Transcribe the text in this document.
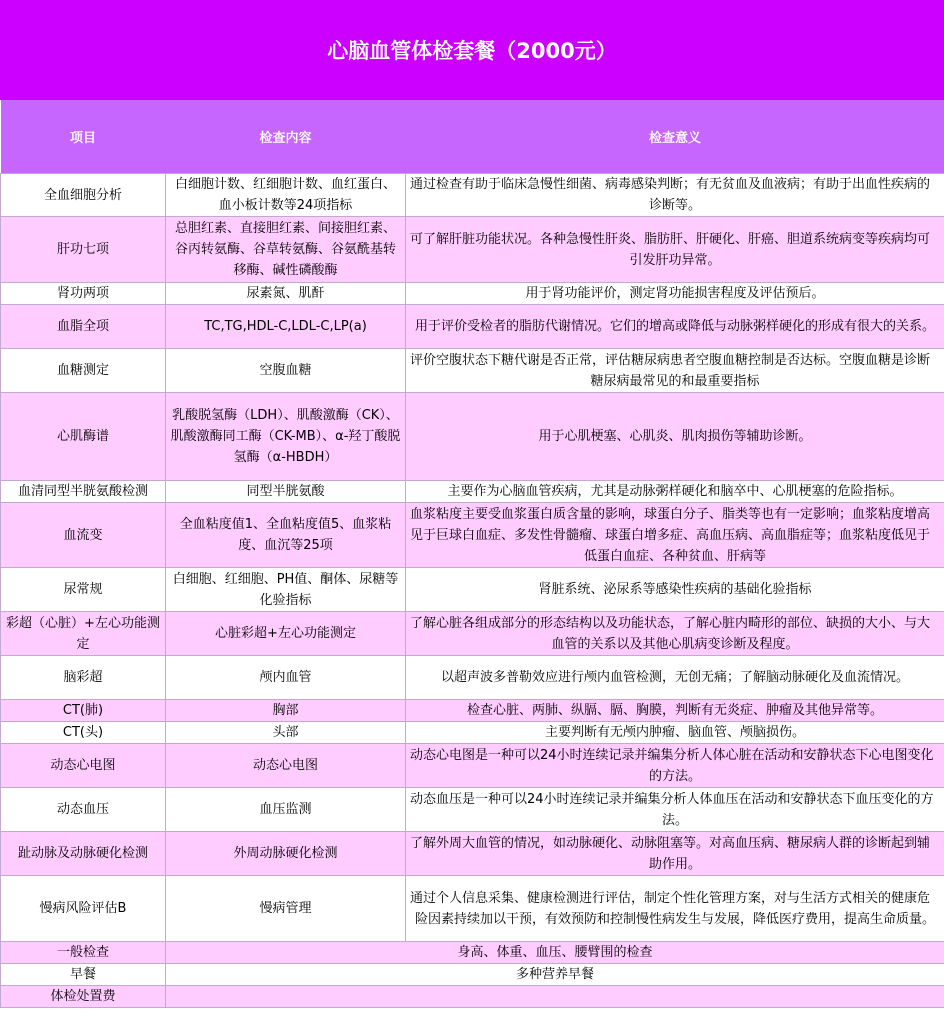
心脑血管体检套餐（2000元）
项目	检查内容	检查意义
全血细胞分析	白细胞计数、红细胞计数、血红蛋白、血小板计数等24项指标	通过检查有助于临床急慢性细菌、病毒感染判断；有无贫血及血液病；有助于出血性疾病的诊断等。
肝功七项	总胆红素、直接胆红素、间接胆红素、谷丙转氨酶、谷草转氨酶、谷氨酰基转移酶、碱性磷酸酶	可了解肝脏功能状况。各种急慢性肝炎、脂肪肝、肝硬化、肝癌、胆道系统病变等疾病均可引发肝功异常。
肾功两项	尿素氮、肌酐	用于肾功能评价，测定肾功能损害程度及评估预后。
血脂全项	TC,TG,HDL-C,LDL-C,LP(a)	用于评价受检者的脂肪代谢情况。它们的增高或降低与动脉粥样硬化的形成有很大的关系。
血糖测定	空腹血糖	评价空腹状态下糖代谢是否正常，评估糖尿病患者空腹血糖控制是否达标。空腹血糖是诊断糖尿病最常见的和最重要指标
心肌酶谱	乳酸脱氢酶（LDH）、肌酸激酶（CK）、肌酸激酶同工酶（CK-MB）、α-羟丁酸脱氢酶（α-HBDH）	用于心肌梗塞、心肌炎、肌肉损伤等辅助诊断。
血清同型半胱氨酸检测	同型半胱氨酸	主要作为心脑血管疾病，尤其是动脉粥样硬化和脑卒中、心肌梗塞的危险指标。
血流变	全血粘度值1、全血粘度值5、血浆粘度、血沉等25项	血浆粘度主要受血浆蛋白质含量的影响，球蛋白分子、脂类等也有一定影响；血浆粘度增高见于巨球白血症、多发性骨髓瘤、球蛋白增多症、高血压病、高血脂症等；血浆粘度低见于低蛋白血症、各种贫血、肝病等
尿常规	白细胞、红细胞、PH值、酮体、尿糖等化验指标	肾脏系统、泌尿系等感染性疾病的基础化验指标
彩超（心脏）+左心功能测定	心脏彩超+左心功能测定	了解心脏各组成部分的形态结构以及功能状态，了解心脏内畸形的部位、缺损的大小、与大血管的关系以及其他心肌病变诊断及程度。
脑彩超	颅内血管	以超声波多普勒效应进行颅内血管检测，无创无痛；了解脑动脉硬化及血流情况。
CT(肺)	胸部	检查心脏、两肺、纵膈、膈、胸膜，判断有无炎症、肿瘤及其他异常等。
CT(头)	头部	主要判断有无颅内肿瘤、脑血管、颅脑损伤。
动态心电图	动态心电图	动态心电图是一种可以24小时连续记录并编集分析人体心脏在活动和安静状态下心电图变化的方法。
动态血压	血压监测	动态血压是一种可以24小时连续记录并编集分析人体血压在活动和安静状态下血压变化的方法。
趾动脉及动脉硬化检测	外周动脉硬化检测	了解外周大血管的情况，如动脉硬化、动脉阻塞等。对高血压病、糖尿病人群的诊断起到辅助作用。
慢病风险评估B	慢病管理	通过个人信息采集、健康检测进行评估，制定个性化管理方案，对与生活方式相关的健康危险因素持续加以干预，有效预防和控制慢性病发生与发展，降低医疗费用，提高生命质量。
一般检查	身高、体重、血压、腰臂围的检查	
早餐	多种营养早餐	
体检处置费		
